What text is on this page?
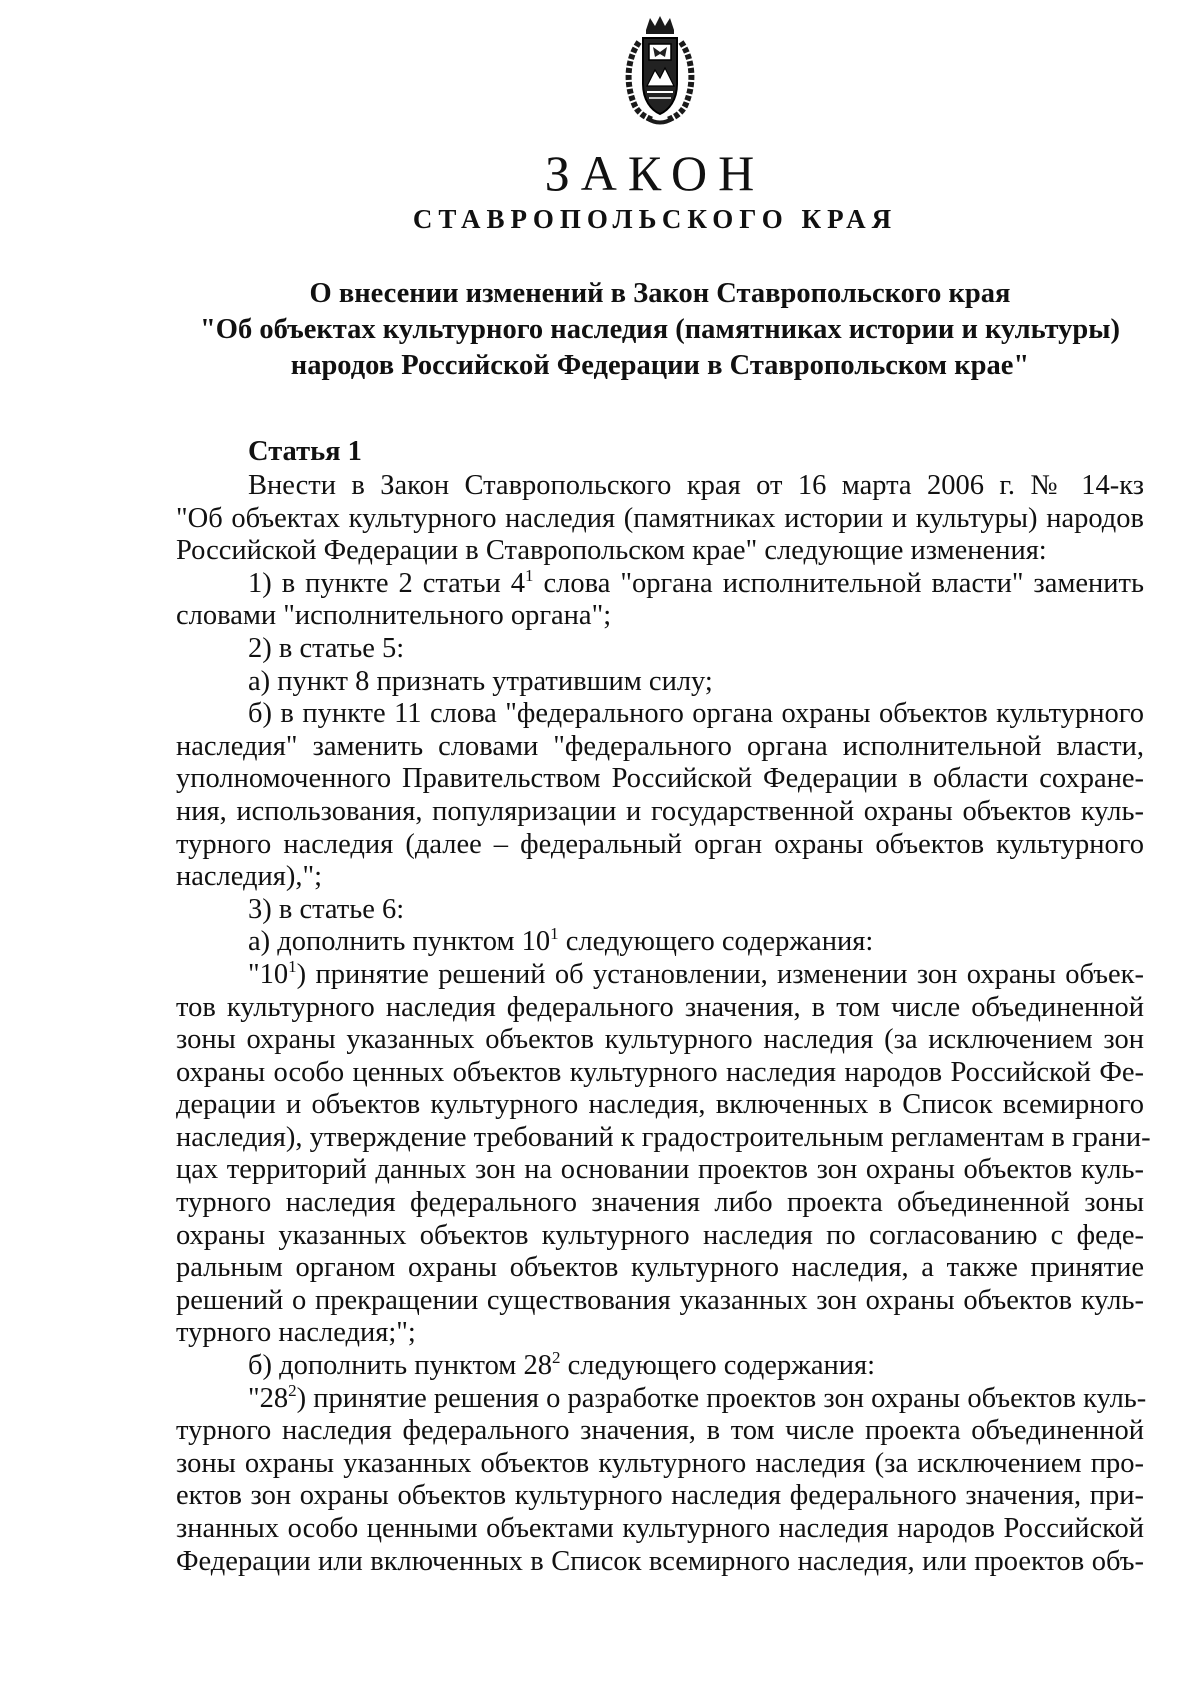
ЗАКОН
СТАВРОПОЛЬСКОГО КРАЯ
О внесении изменений в Закон Ставропольского края
"Об объектах культурного наследия (памятниках истории и культуры)
народов Российской Федерации в Ставропольском крае"
Статья 1
Внести в Закон Ставропольского края от 16 марта 2006 г. № 14-кз
"Об объектах культурного наследия (памятниках истории и культуры) народов
Российской Федерации в Ставропольском крае" следующие изменения:
1) в пункте 2 статьи $4^1$ слова "органа исполнительной власти" заменить
словами "исполнительного органа";
2) в статье 5:
а) пункт 8 признать утратившим силу;
б) в пункте 11 слова "федерального органа охраны объектов культурного
наследия" заменить словами "федерального органа исполнительной власти,
уполномоченного Правительством Российской Федерации в области сохране-
ния, использования, популяризации и государственной охраны объектов куль-
турного наследия (далее – федеральный орган охраны объектов культурного
наследия),";
3) в статье 6:
а) дополнить пунктом $10^1$ следующего содержания:
"$10^1$) принятие решений об установлении, изменении зон охраны объек-
тов культурного наследия федерального значения, в том числе объединенной
зоны охраны указанных объектов культурного наследия (за исключением зон
охраны особо ценных объектов культурного наследия народов Российской Фе-
дерации и объектов культурного наследия, включенных в Список всемирного
наследия), утверждение требований к градостроительным регламентам в грани-
цах территорий данных зон на основании проектов зон охраны объектов куль-
турного наследия федерального значения либо проекта объединенной зоны
охраны указанных объектов культурного наследия по согласованию с феде-
ральным органом охраны объектов культурного наследия, а также принятие
решений о прекращении существования указанных зон охраны объектов куль-
турного наследия;";
б) дополнить пунктом $28^2$ следующего содержания:
"$28^2$) принятие решения о разработке проектов зон охраны объектов куль-
турного наследия федерального значения, в том числе проекта объединенной
зоны охраны указанных объектов культурного наследия (за исключением про-
ектов зон охраны объектов культурного наследия федерального значения, при-
знанных особо ценными объектами культурного наследия народов Российской
Федерации или включенных в Список всемирного наследия, или проектов объ-
